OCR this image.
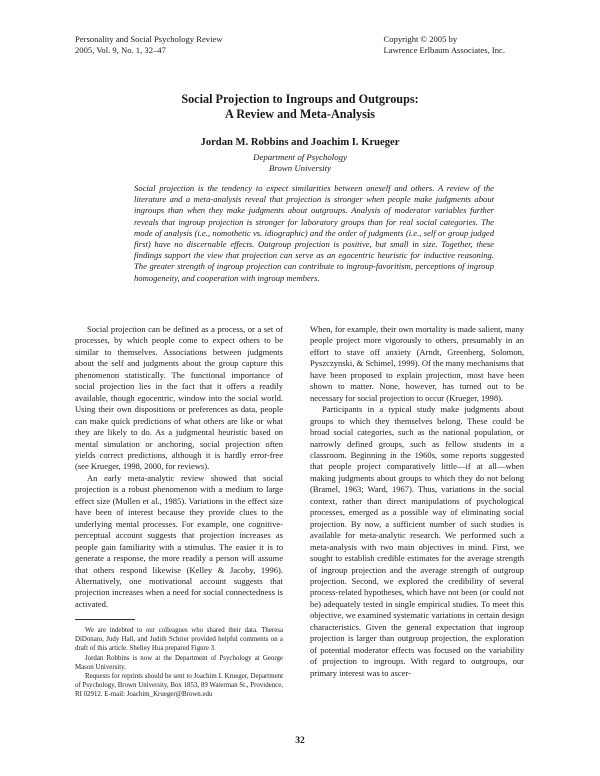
Personality and Social Psychology Review
2005, Vol. 9, No. 1, 32–47
Copyright © 2005 by
Lawrence Erlbaum Associates, Inc.
Social Projection to Ingroups and Outgroups:
A Review and Meta-Analysis
Jordan M. Robbins and Joachim I. Krueger
Department of Psychology
Brown University
Social projection is the tendency to expect similarities between oneself and others. A review of the literature and a meta-analysis reveal that projection is stronger when people make judgments about ingroups than when they make judgments about outgroups. Analysis of moderator variables further reveals that ingroup projection is stronger for laboratory groups than for real social categories. The mode of analysis (i.e., nomothetic vs. idiographic) and the order of judgments (i.e., self or group judged first) have no discernable effects. Outgroup projection is positive, but small in size. Together, these findings support the view that projection can serve as an egocentric heuristic for inductive reasoning. The greater strength of ingroup projection can contribute to ingroup-favoritism, perceptions of ingroup homogeneity, and cooperation with ingroup members.

Social projection can be defined as a process, or a set of processes, by which people come to expect others to be similar to themselves. Associations between judgments about the self and judgments about the group capture this phenomenon statistically. The functional importance of social projection lies in the fact that it offers a readily available, though egocentric, window into the social world. Using their own dispositions or preferences as data, people can make quick predictions of what others are like or what they are likely to do. As a judgmental heuristic based on mental simulation or anchoring, social projection often yields correct predictions, although it is hardly error-free (see Krueger, 1998, 2000, for reviews).

An early meta-analytic review showed that social projection is a robust phenomenon with a medium to large effect size (Mullen et al., 1985). Variations in the effect size have been of interest because they provide clues to the underlying mental processes. For example, one cognitive-perceptual account suggests that projection increases as people gain familiarity with a stimulus. The easier it is to generate a response, the more readily a person will assume that others respond likewise (Kelley & Jacoby, 1996). Alternatively, one motivational account suggests that projection increases when a need for social connectedness is activated.

When, for example, their own mortality is made salient, many people project more vigorously to others, presumably in an effort to stave off anxiety (Arndt, Greenberg, Solomon, Pyszczynski, & Schimel, 1999). Of the many mechanisms that have been proposed to explain projection, most have been shown to matter. None, however, has turned out to be necessary for social projection to occur (Krueger, 1998).

Participants in a typical study make judgments about groups to which they themselves belong. These could be broad social categories, such as the national population, or narrowly defined groups, such as fellow students in a classroom. Beginning in the 1960s, some reports suggested that people project comparatively little—if at all—when making judgments about groups to which they do not belong (Bramel, 1963; Ward, 1967). Thus, variations in the social context, rather than direct manipulations of psychological processes, emerged as a possible way of eliminating social projection. By now, a sufficient number of such studies is available for meta-analytic research. We performed such a meta-analysis with two main objectives in mind. First, we sought to establish credible estimates for the average strength of ingroup projection and the average strength of outgroup projection. Second, we explored the credibility of several process-related hypotheses, which have not been (or could not be) adequately tested in single empirical studies. To meet this objective, we examined systematic variations in certain design characteristics. Given the general expectation that ingroup projection is larger than outgroup projection, the exploration of potential moderator effects was focused on the variability of projection to ingroups. With regard to outgroups, our primary interest was to ascer-

We are indebted to our colleagues who shared their data. Theresa DiDonato, Judy Hall, and Judith Schrier provided helpful comments on a draft of this article. Shelley Hua prepared Figure 3.

Jordan Robbins is now at the Department of Psychology at George Mason University.

Requests for reprints should be sent to Joachim I. Krueger, Department of Psychology, Brown University, Box 1853, 89 Waterman St., Providence, RI 02912. E-mail: Joachim_Krueger@Brown.edu

32
